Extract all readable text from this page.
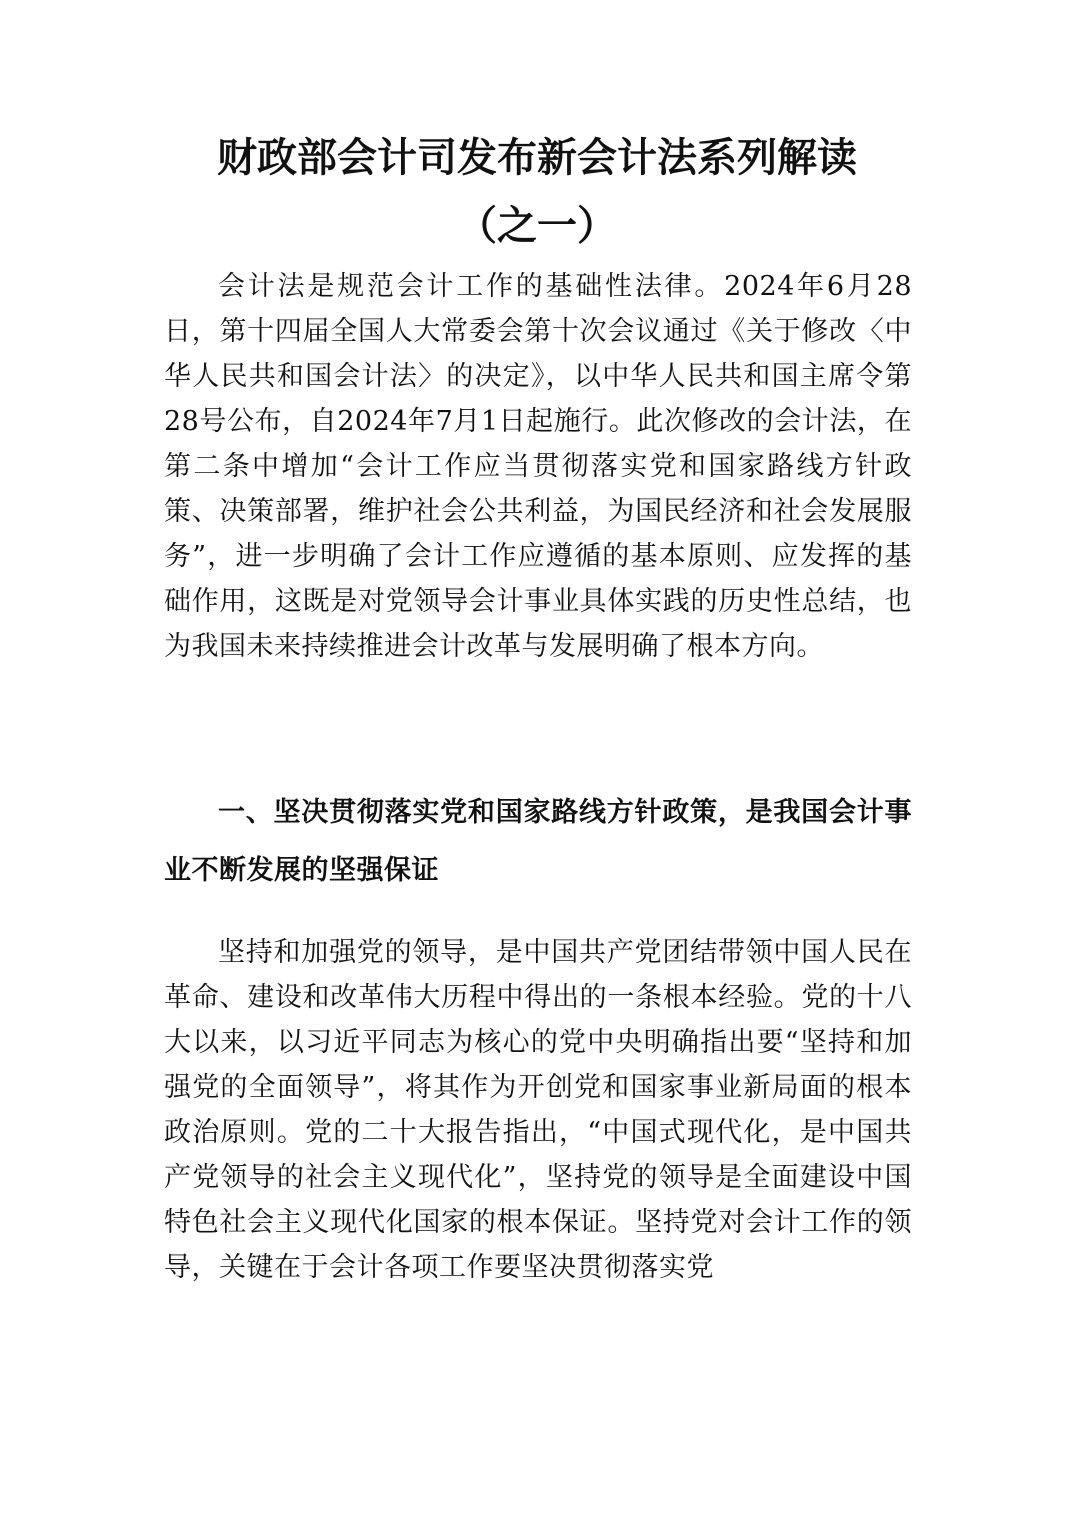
财政部会计司发布新会计法系列解读
（之一）

会计法是规范会计工作的基础性法律。2024年6月28日，第十四届全国人大常委会第十次会议通过《关于修改〈中华人民共和国会计法〉的决定》，以中华人民共和国主席令第28号公布，自2024年7月1日起施行。此次修改的会计法，在第二条中增加“会计工作应当贯彻落实党和国家路线方针政策、决策部署，维护社会公共利益，为国民经济和社会发展服务”，进一步明确了会计工作应遵循的基本原则、应发挥的基础作用，这既是对党领导会计事业具体实践的历史性总结，也为我国未来持续推进会计改革与发展明确了根本方向。

一、坚决贯彻落实党和国家路线方针政策，是我国会计事业不断发展的坚强保证

坚持和加强党的领导，是中国共产党团结带领中国人民在革命、建设和改革伟大历程中得出的一条根本经验。党的十八大以来，以习近平同志为核心的党中央明确指出要“坚持和加强党的全面领导”，将其作为开创党和国家事业新局面的根本政治原则。党的二十大报告指出，“中国式现代化，是中国共产党领导的社会主义现代化”，坚持党的领导是全面建设中国特色社会主义现代化国家的根本保证。坚持党对会计工作的领导，关键在于会计各项工作要坚决贯彻落实党
